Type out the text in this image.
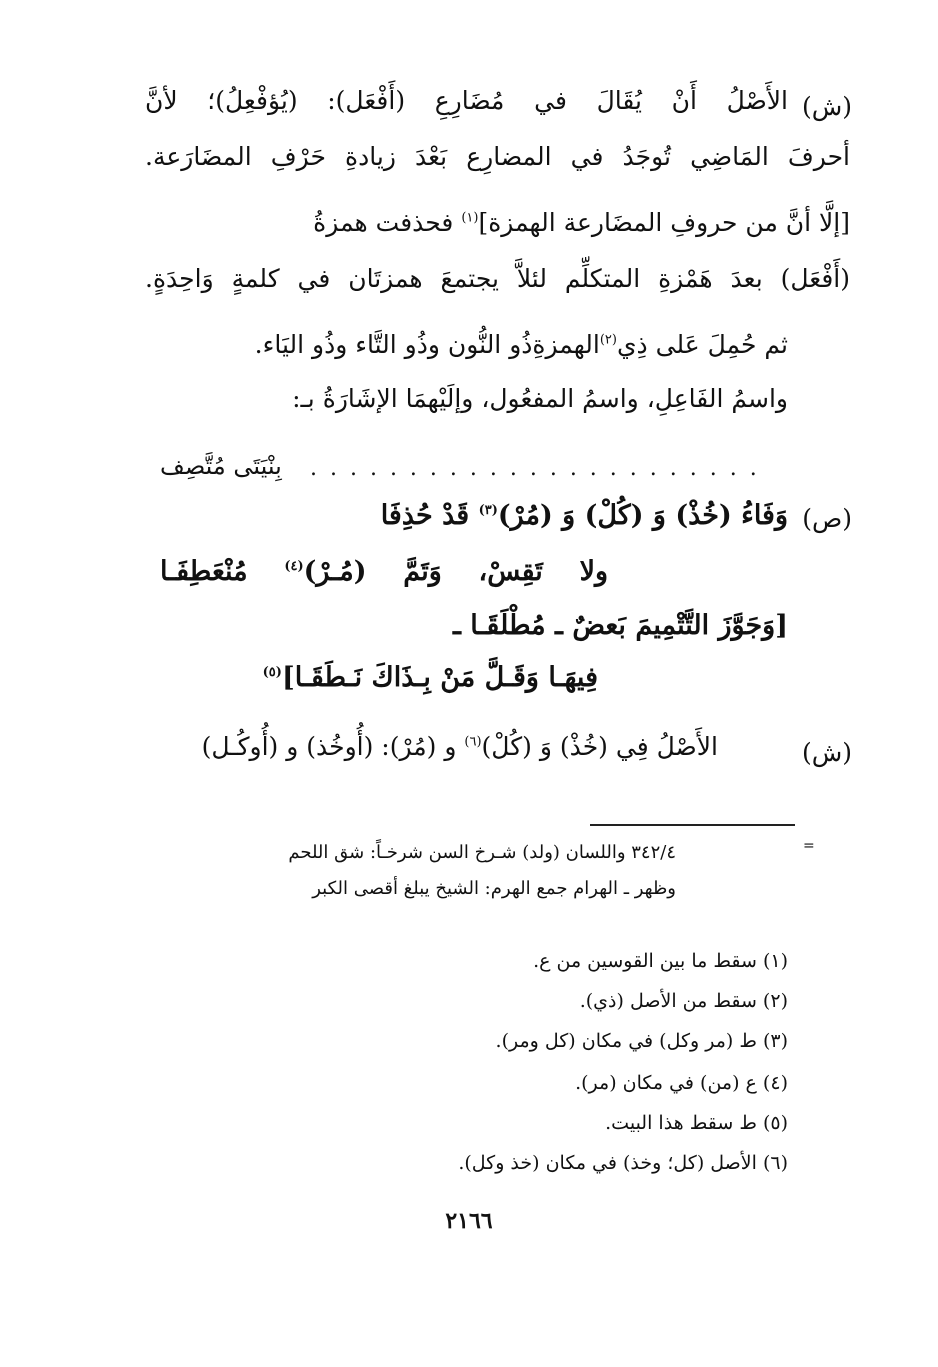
(ش)
الأَصْلُ أَنْ يُقَالَ في مُضَارِعِ (أَفْعَل): (يُؤفْعِلُ)؛ لأنَّ
أحرفَ المَاضِي تُوجَدُ في المضارِع بَعْدَ زيادةِ حَرْفِ المضَارَعة.
[إلَّا أنَّ من حروفِ المضَارعة الهمزة]$^{(١)}$ فحذفت همزةُ
(أَفْعَل) بعدَ هَمْزةِ المتكلِّم لئلاَّ يجتمعَ همزتَان في كلمةٍ وَاحِدَةٍ.
ثم حُمِلَ عَلى ذِي$^{(٢)}$الهمزةِذُو النُّون وذُو التَّاء وذُو اليَاء.
واسمُ الفَاعِلِ، واسمُ المفعُول، وإلَيْهمَا الإشَارَةُ بـ:
. . . . . . . . . . . . . . . . . . . . . . .
بِنْيَتَى مُتَّصِف
(ص)
وَفَاءُ (خُذْ) وَ (كُلْ) وَ (مُرْ)$^{(٣)}$ قَدْ حُذِفَا
ولا تَقِسْ، وَتَمَّ (مُـرْ)$^{(٤)}$ مُنْعَطِفَـا
[وَجَوَّزَ التَّتْمِيمَ بَعضٌ ـ مُطْلَقَـا ـ
فِيهَـا وَقَـلَّ مَنْ بِـذَاكَ نَـطَقَـا]$^{(٥)}$
(ش)
الأَصْلُ فِي (خُذْ) وَ (كُلْ)$^{(٦)}$ و (مُرْ): (أُوخُذ) و (أُوكُـل)
=
٣٤٢/٤ واللسان (ولد) شـرخ السن شرخـاً: شق اللحم
وظهر ـ الهرام جمع الهرم: الشيخ يبلغ أقصى الكبر
(١) سقط ما بين القوسين من ع.
(٢) سقط من الأصل (ذي).
(٣) ط (مر وكل) في مكان (كل ومر).
(٤) ع (من) في مكان (مر).
(٥) ط سقط هذا البيت.
(٦) الأصل (كل؛ وخذ) في مكان (خذ وكل).
٢١٦٦
